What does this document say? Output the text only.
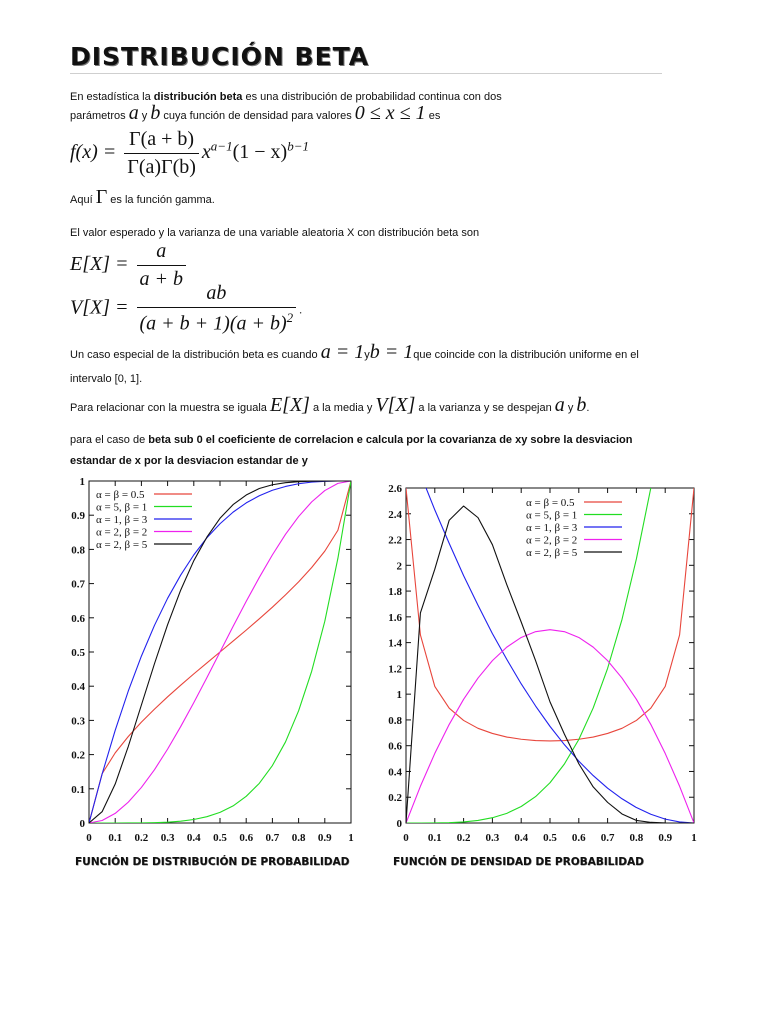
DISTRIBUCIÓN BETA
En estadística la distribución beta es una distribución de probabilidad continua con dos
parámetros a y b cuya función de densidad para valores 0 ≤ x ≤ 1 es
$f(x) = \frac{\Gamma(a + b)}{\Gamma(a)\Gamma(b)} x^{a-1}(1 - x)^{b-1}$
Aquí Γ es la función gamma.
El valor esperado y la varianza de una variable aleatoria X con distribución beta son
$E[X] = \frac{a}{a + b}$
$V[X] = \frac{ab}{(a + b + 1)(a + b)^2}$ .
Un caso especial de la distribución beta es cuando a = 1yb = 1que coincide con la distribución uniforme en el
intervalo [0, 1].
Para relacionar con la muestra se iguala E[X] a la media y V[X] a la varianza y se despejan a y b.
para el caso de beta sub 0 el coeficiente de correlacion e calcula por la covarianza de xy sobre la desviacion
estandar de x por la desviacion estandar de y
0 0.1 0.2 0.3 0.4 0.5 0.6 0.7 0.8 0.9 1
0
0.1
0.2
0.3
0.4
0.5
0.6
0.7
0.8
0.9
1
α = β = 0.5
α = 5, β = 1
α = 1, β = 3
α = 2, β = 2
α = 2, β = 5
0 0.1 0.2 0.3 0.4 0.5 0.6 0.7 0.8 0.9 1
0
0.2
0.4
0.6
0.8
1
1.2
1.4
1.6
1.8
2
2.2
2.4
2.6
α = β = 0.5
α = 5, β = 1
α = 1, β = 3
α = 2, β = 2
α = 2, β = 5
FUNCIÓN DE DISTRIBUCIÓN DE PROBABILIDAD	FUNCIÓN DE DENSIDAD DE PROBABILIDAD
